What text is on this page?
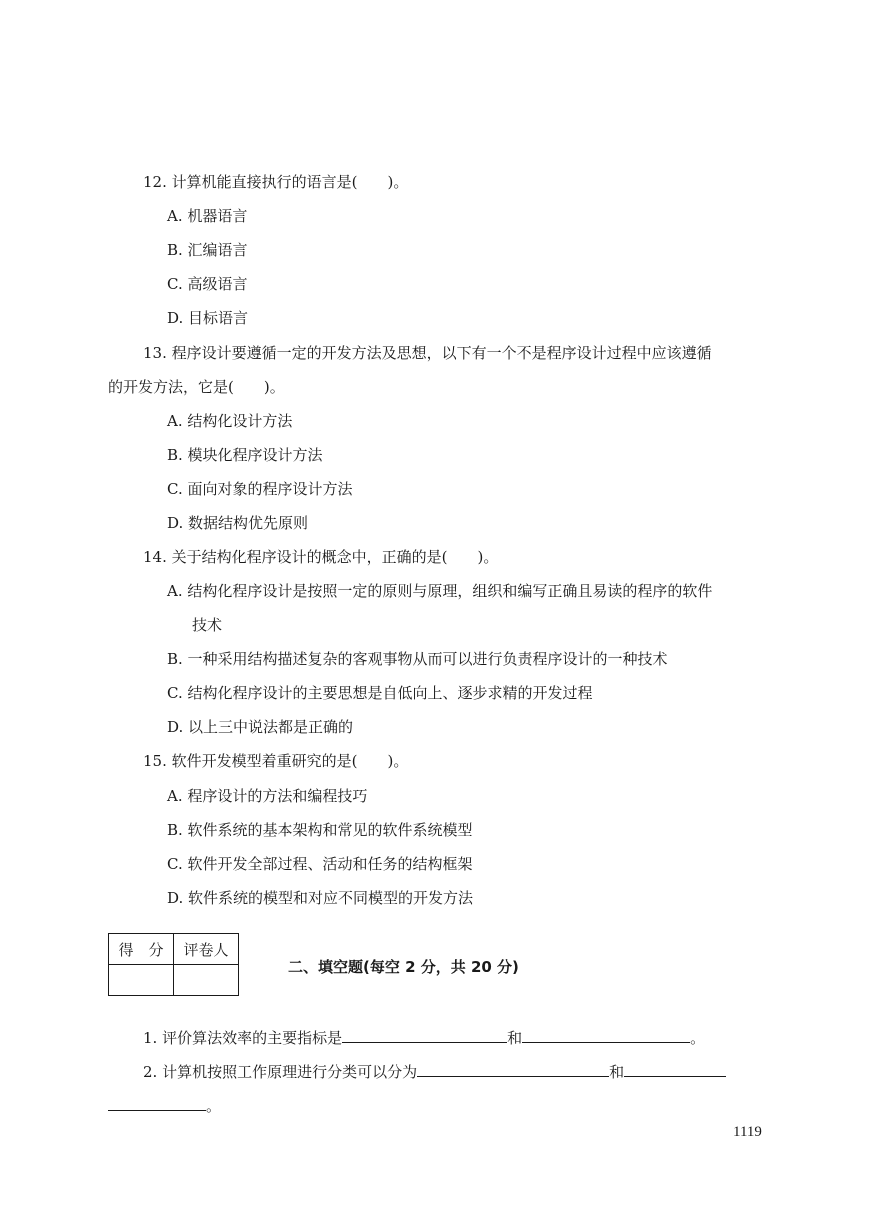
12. 计算机能直接执行的语言是(　　)。
A. 机器语言
B. 汇编语言
C. 高级语言
D. 目标语言
13. 程序设计要遵循一定的开发方法及思想，以下有一个不是程序设计过程中应该遵循
的开发方法，它是(　　)。
A. 结构化设计方法
B. 模块化程序设计方法
C. 面向对象的程序设计方法
D. 数据结构优先原则
14. 关于结构化程序设计的概念中，正确的是(　　)。
A. 结构化程序设计是按照一定的原则与原理，组织和编写正确且易读的程序的软件
技术
B. 一种采用结构描述复杂的客观事物从而可以进行负责程序设计的一种技术
C. 结构化程序设计的主要思想是自低向上、逐步求精的开发过程
D. 以上三中说法都是正确的
15. 软件开发模型着重研究的是(　　)。
A. 程序设计的方法和编程技巧
B. 软件系统的基本架构和常见的软件系统模型
C. 软件开发全部过程、活动和任务的结构框架
D. 软件系统的模型和对应不同模型的开发方法
得　分	评卷人

二、填空题(每空 2 分，共 20 分)
1. 评价算法效率的主要指标是	和	。
2. 计算机按照工作原理进行分类可以分为	和
。
1119
